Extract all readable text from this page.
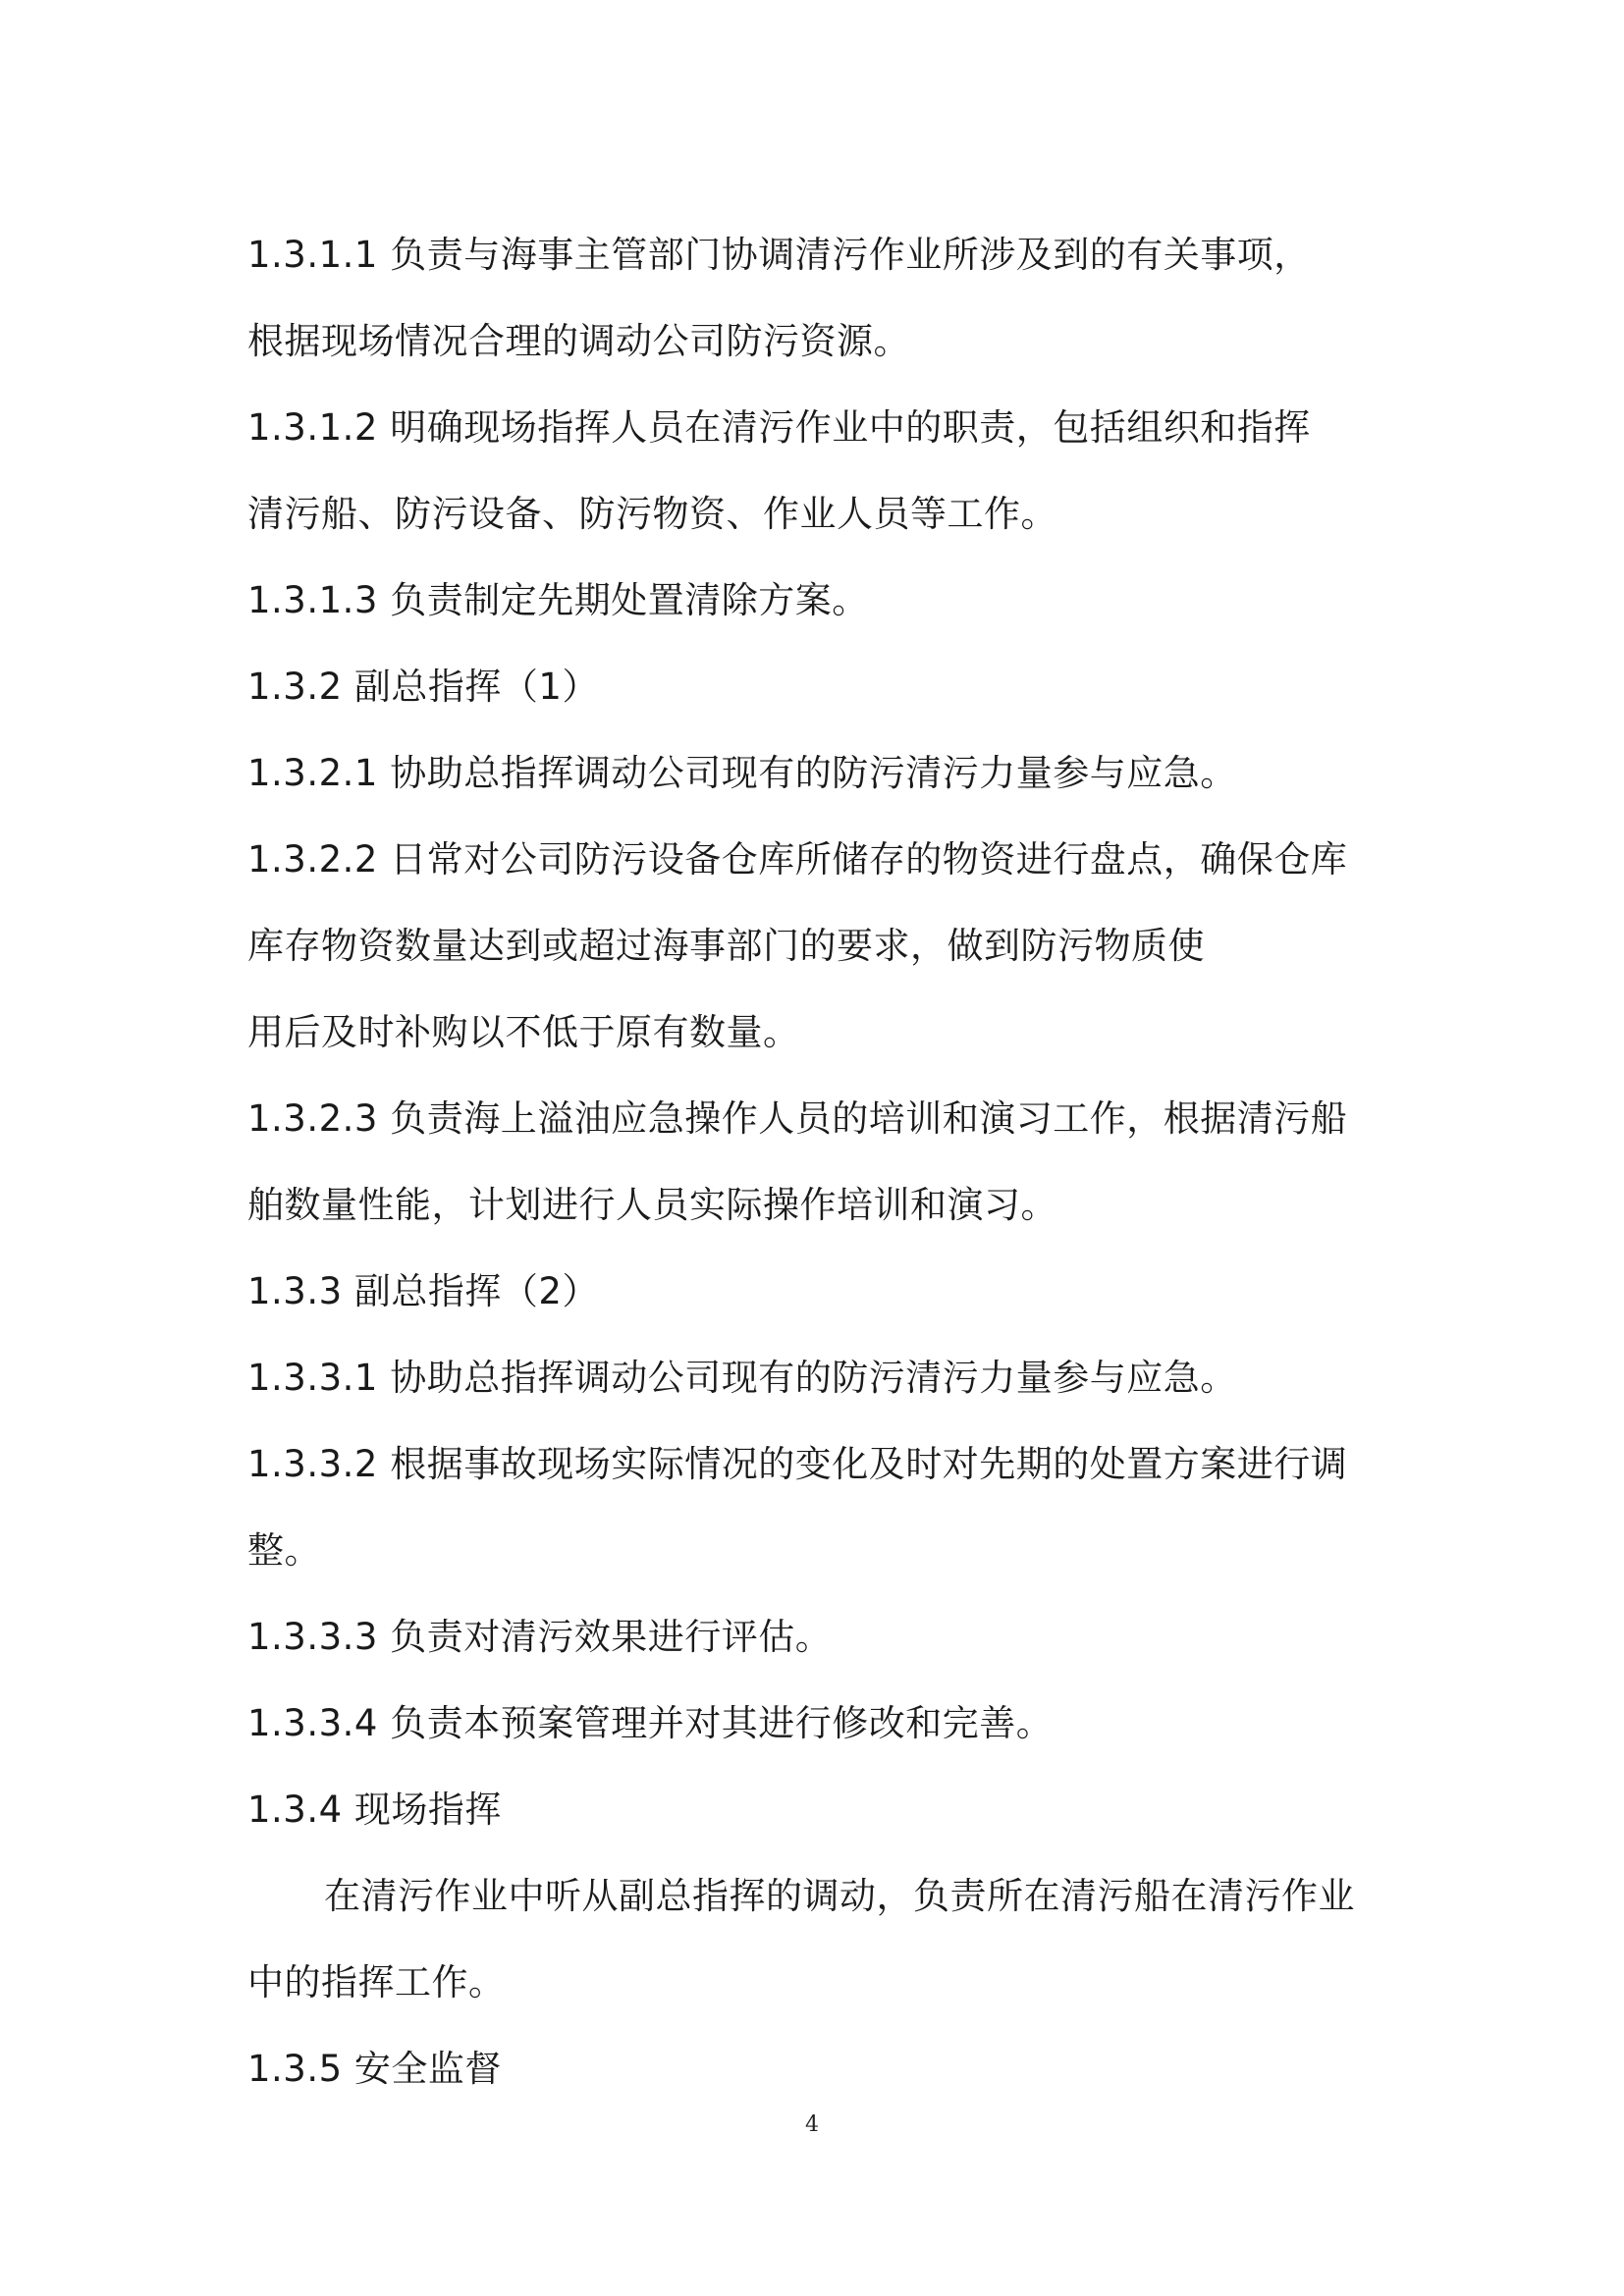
1.3.1.1 负责与海事主管部门协调清污作业所涉及到的有关事项，
根据现场情况合理的调动公司防污资源。
1.3.1.2 明确现场指挥人员在清污作业中的职责，包括组织和指挥
清污船、防污设备、防污物资、作业人员等工作。
1.3.1.3 负责制定先期处置清除方案。
1.3.2 副总指挥（1）
1.3.2.1 协助总指挥调动公司现有的防污清污力量参与应急。
1.3.2.2 日常对公司防污设备仓库所储存的物资进行盘点，确保仓库
库存物资数量达到或超过海事部门的要求，做到防污物质使
用后及时补购以不低于原有数量。
1.3.2.3 负责海上溢油应急操作人员的培训和演习工作，根据清污船
舶数量性能，计划进行人员实际操作培训和演习。
1.3.3 副总指挥（2）
1.3.3.1 协助总指挥调动公司现有的防污清污力量参与应急。
1.3.3.2 根据事故现场实际情况的变化及时对先期的处置方案进行调
整。
1.3.3.3 负责对清污效果进行评估。
1.3.3.4 负责本预案管理并对其进行修改和完善。
1.3.4 现场指挥
在清污作业中听从副总指挥的调动，负责所在清污船在清污作业
中的指挥工作。
1.3.5 安全监督
4
